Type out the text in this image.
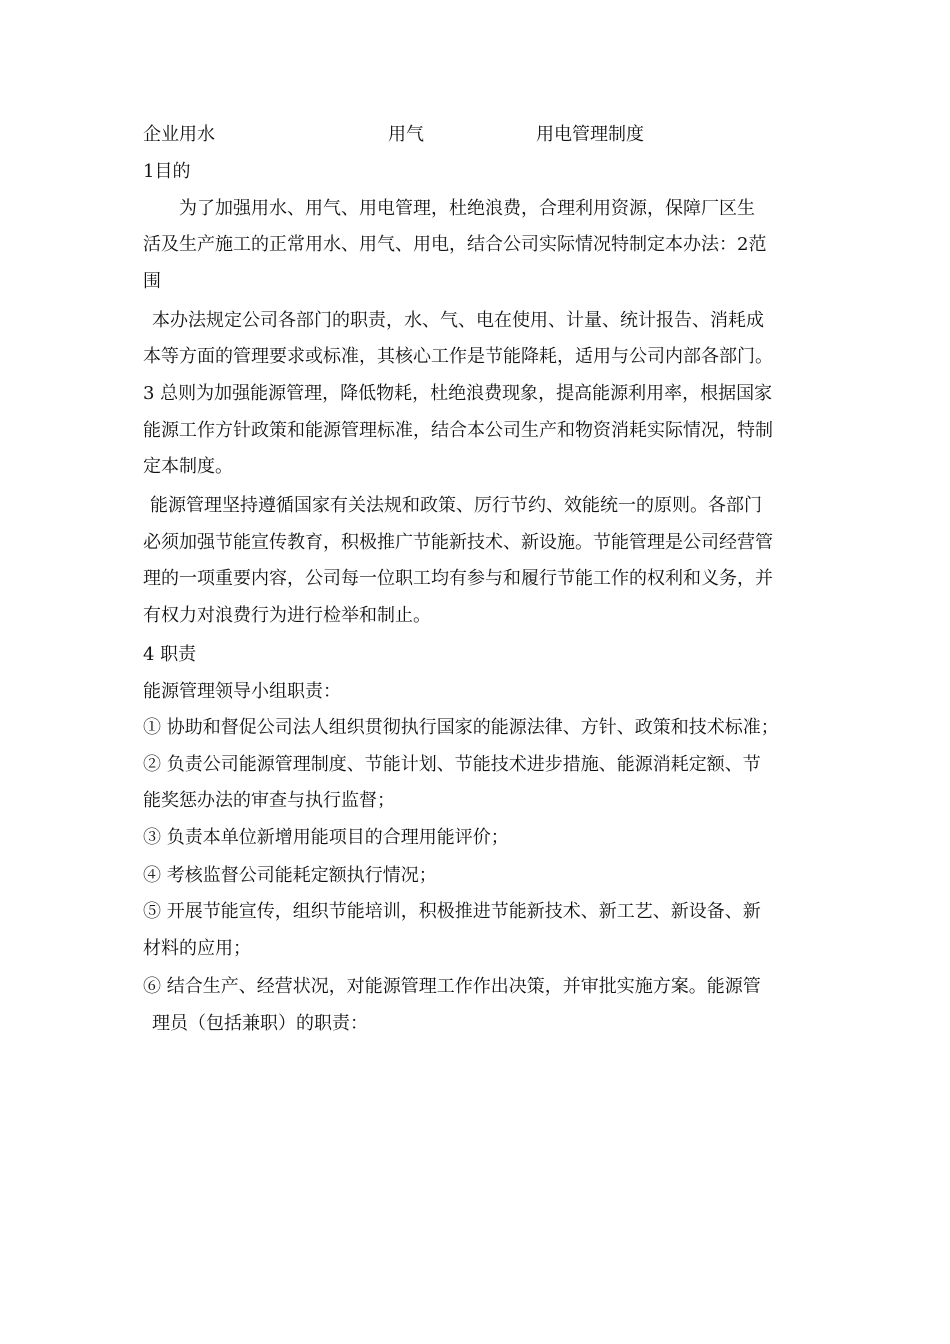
企业用水	用气	用电管理制度

1目的

为了加强用水、用气、用电管理，杜绝浪费，合理利用资源，保障厂区生

活及生产施工的正常用水、用气、用电，结合公司实际情况特制定本办法：2范

围

本办法规定公司各部门的职责，水、气、电在使用、计量、统计报告、消耗成

本等方面的管理要求或标准，其核心工作是节能降耗，适用与公司内部各部门。

3 总则为加强能源管理，降低物耗，杜绝浪费现象，提高能源利用率，根据国家

能源工作方针政策和能源管理标准，结合本公司生产和物资消耗实际情况，特制

定本制度。

能源管理坚持遵循国家有关法规和政策、厉行节约、效能统一的原则。各部门

必须加强节能宣传教育，积极推广节能新技术、新设施。节能管理是公司经营管

理的一项重要内容，公司每一位职工均有参与和履行节能工作的权利和义务，并

有权力对浪费行为进行检举和制止。

4 职责

能源管理领导小组职责：

① 协助和督促公司法人组织贯彻执行国家的能源法律、方针、政策和技术标准；

② 负责公司能源管理制度、节能计划、节能技术进步措施、能源消耗定额、节

能奖惩办法的审查与执行监督；

③ 负责本单位新增用能项目的合理用能评价；

④ 考核监督公司能耗定额执行情况；

⑤ 开展节能宣传，组织节能培训，积极推进节能新技术、新工艺、新设备、新

材料的应用；

⑥ 结合生产、经营状况，对能源管理工作作出决策，并审批实施方案。能源管

理员（包括兼职）的职责：
